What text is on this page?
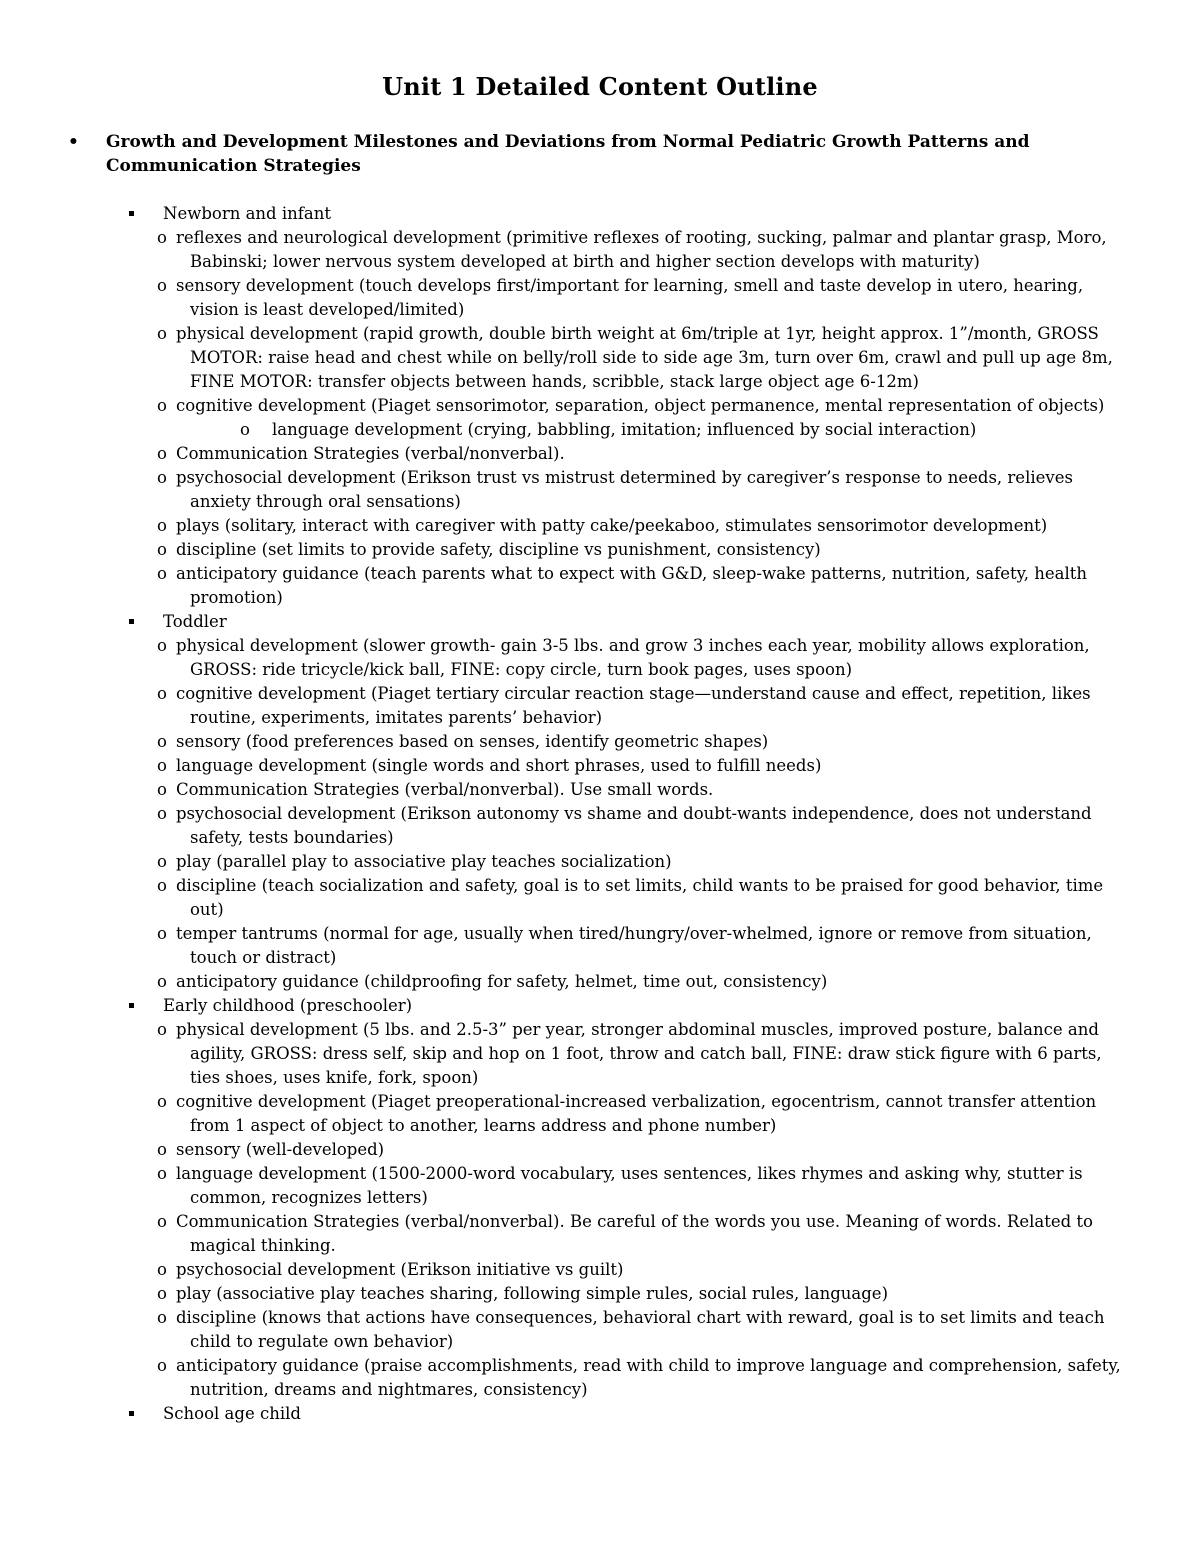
Unit 1 Detailed Content Outline
• Growth and Development Milestones and Deviations from Normal Pediatric Growth Patterns and Communication Strategies
Newborn and infant
o reflexes and neurological development (primitive reflexes of rooting, sucking, palmar and plantar grasp, Moro, Babinski; lower nervous system developed at birth and higher section develops with maturity)
o sensory development (touch develops first/important for learning, smell and taste develop in utero, hearing, vision is least developed/limited)
o physical development (rapid growth, double birth weight at 6m/triple at 1yr, height approx. 1”/month, GROSS MOTOR: raise head and chest while on belly/roll side to side age 3m, turn over 6m, crawl and pull up age 8m, FINE MOTOR: transfer objects between hands, scribble, stack large object age 6-12m)
o cognitive development (Piaget sensorimotor, separation, object permanence, mental representation of objects)
o language development (crying, babbling, imitation; influenced by social interaction)
o Communication Strategies (verbal/nonverbal).
o psychosocial development (Erikson trust vs mistrust determined by caregiver’s response to needs, relieves anxiety through oral sensations)
o plays (solitary, interact with caregiver with patty cake/peekaboo, stimulates sensorimotor development)
o discipline (set limits to provide safety, discipline vs punishment, consistency)
o anticipatory guidance (teach parents what to expect with G&D, sleep-wake patterns, nutrition, safety, health promotion)
Toddler
o physical development (slower growth- gain 3-5 lbs. and grow 3 inches each year, mobility allows exploration, GROSS: ride tricycle/kick ball, FINE: copy circle, turn book pages, uses spoon)
o cognitive development (Piaget tertiary circular reaction stage—understand cause and effect, repetition, likes routine, experiments, imitates parents’ behavior)
o sensory (food preferences based on senses, identify geometric shapes)
o language development (single words and short phrases, used to fulfill needs)
o Communication Strategies (verbal/nonverbal). Use small words.
o psychosocial development (Erikson autonomy vs shame and doubt-wants independence, does not understand safety, tests boundaries)
o play (parallel play to associative play teaches socialization)
o discipline (teach socialization and safety, goal is to set limits, child wants to be praised for good behavior, time out)
o temper tantrums (normal for age, usually when tired/hungry/over-whelmed, ignore or remove from situation, touch or distract)
o anticipatory guidance (childproofing for safety, helmet, time out, consistency)
Early childhood (preschooler)
o physical development (5 lbs. and 2.5-3” per year, stronger abdominal muscles, improved posture, balance and agility, GROSS: dress self, skip and hop on 1 foot, throw and catch ball, FINE: draw stick figure with 6 parts, ties shoes, uses knife, fork, spoon)
o cognitive development (Piaget preoperational-increased verbalization, egocentrism, cannot transfer attention from 1 aspect of object to another, learns address and phone number)
o sensory (well-developed)
o language development (1500-2000-word vocabulary, uses sentences, likes rhymes and asking why, stutter is common, recognizes letters)
o Communication Strategies (verbal/nonverbal). Be careful of the words you use. Meaning of words. Related to magical thinking.
o psychosocial development (Erikson initiative vs guilt)
o play (associative play teaches sharing, following simple rules, social rules, language)
o discipline (knows that actions have consequences, behavioral chart with reward, goal is to set limits and teach child to regulate own behavior)
o anticipatory guidance (praise accomplishments, read with child to improve language and comprehension, safety, nutrition, dreams and nightmares, consistency)
School age child
